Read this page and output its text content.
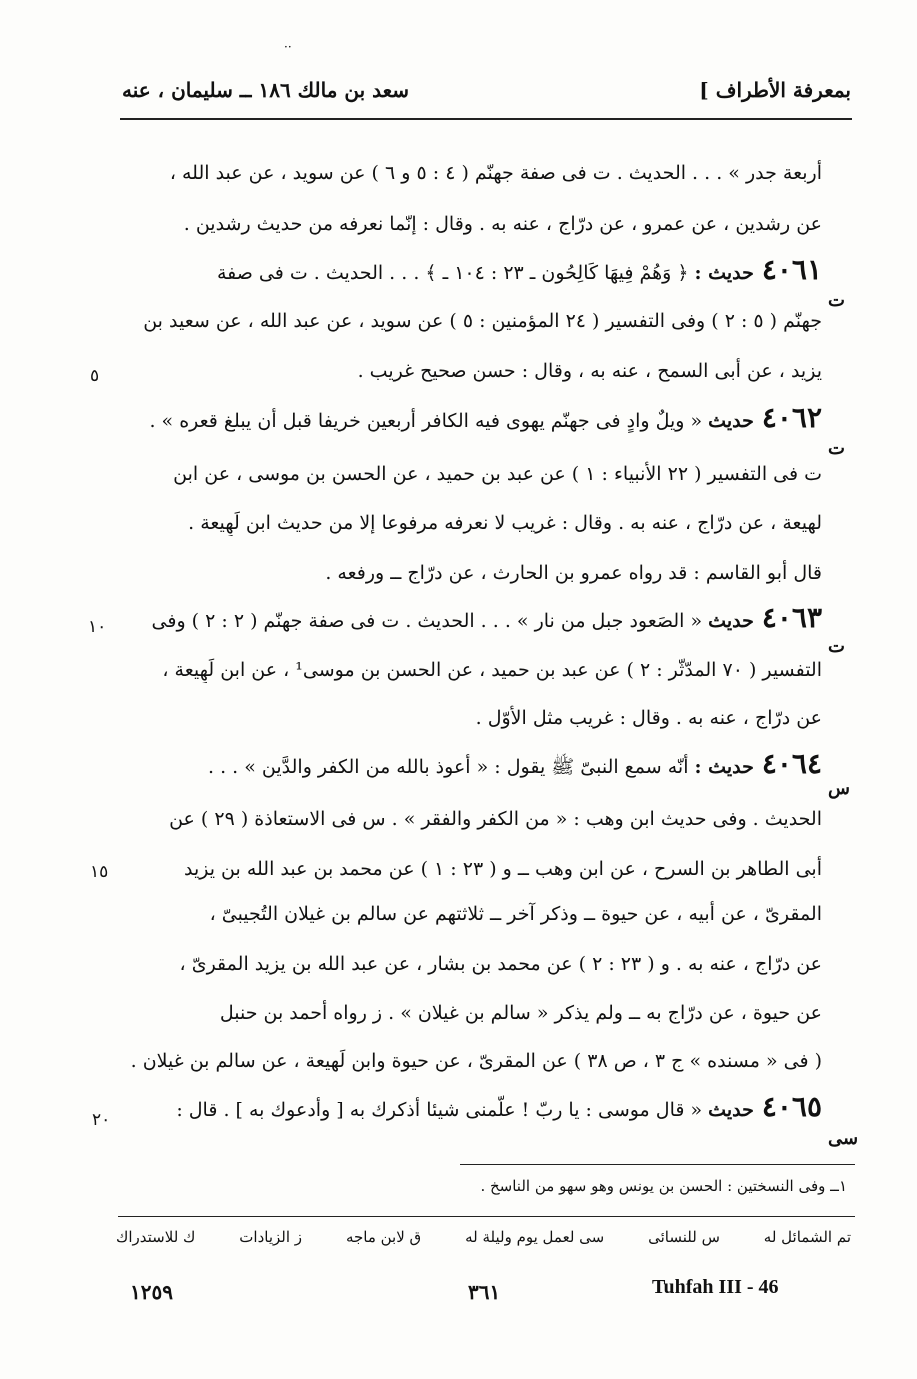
بمعرفة الأطراف ]
سعد بن مالك ١٨٦ ــ سليمان ، عنه
··
أربعة جدر » . . . الحديث . ت فى صفة جهنّم ( ٤ : ٥ و ٦ ) عن سويد ، عن عبد الله ،
عن رشدين ، عن عمرو ، عن درّاج ، عنه به . وقال : إنّما نعرفه من حديث رشدين .
٤٠٦١حديث : ﴿ وَهُمْ فِيهَا كَالِحُون ـ ٢٣ : ١٠٤ ـ ﴾ . . . الحديث . ت فى صفة
جهنّم ( ٥ : ٢ ) وفى التفسير ( ٢٤ المؤمنين : ٥ ) عن سويد ، عن عبد الله ، عن سعيد بن
يزيد ، عن أبى السمح ، عنه به ، وقال : حسن صحيح غريب .
٤٠٦٢حديث « ويلٌ وادٍ فى جهنّم يهوى فيه الكافر أربعين خريفا قبل أن يبلغ قعره » .
ت فى التفسير ( ٢٢ الأنبياء : ١ ) عن عبد بن حميد ، عن الحسن بن موسى ، عن ابن
لهيعة ، عن درّاج ، عنه به . وقال : غريب لا نعرفه مرفوعا إلا من حديث ابن لَهِيعة .
قال أبو القاسم : قد رواه عمرو بن الحارث ، عن درّاج ــ ورفعه .
٤٠٦٣حديث « الصَعود جبل من نار » . . . الحديث . ت فى صفة جهنّم ( ٢ : ٢ ) وفى
التفسير ( ٧٠ المدّثّر : ٢ ) عن عبد بن حميد ، عن الحسن بن موسى¹ ، عن ابن لَهِيعة ،
عن درّاج ، عنه به . وقال : غريب مثل الأوّل .
٤٠٦٤حديث : أنّه سمع النبىّ ﷺ يقول : « أعوذ بالله من الكفر والدَّين » . . .
الحديث . وفى حديث ابن وهب : « من الكفر والفقر » . س فى الاستعاذة ( ٢٩ ) عن
أبى الطاهر بن السرح ، عن ابن وهب ــ و ( ٢٣ : ١ ) عن محمد بن عبد الله بن يزيد
المقرىّ ، عن أبيه ، عن حيوة ــ وذكر آخر ــ ثلاثتهم عن سالم بن غيلان التُجيبىّ ،
عن درّاج ، عنه به . و ( ٢٣ : ٢ ) عن محمد بن بشار ، عن عبد الله بن يزيد المقرىّ ،
عن حيوة ، عن درّاج به ــ ولم يذكر « سالم بن غيلان » . ز رواه أحمد بن حنبل
( فى « مسنده » ج ٣ ، ص ٣٨ ) عن المقرىّ ، عن حيوة وابن لَهيعة ، عن سالم بن غيلان .
٤٠٦٥حديث « قال موسى : يا ربّ ! علّمنى شيئا أذكرك به [ وأدعوك به ] . قال :
ت
ت
ت
س
سى
٥
١٠
١٥
٢٠
١ــ وفى النسختين : الحسن بن يونس وهو سهو من الناسخ .
تم الشمائل له
س للنسائى
سى لعمل يوم وليلة له
ق لابن ماجه
ز الزيادات
ك للاستدراك
١٢٥٩	٣٦١	Tuhfah III - 46
